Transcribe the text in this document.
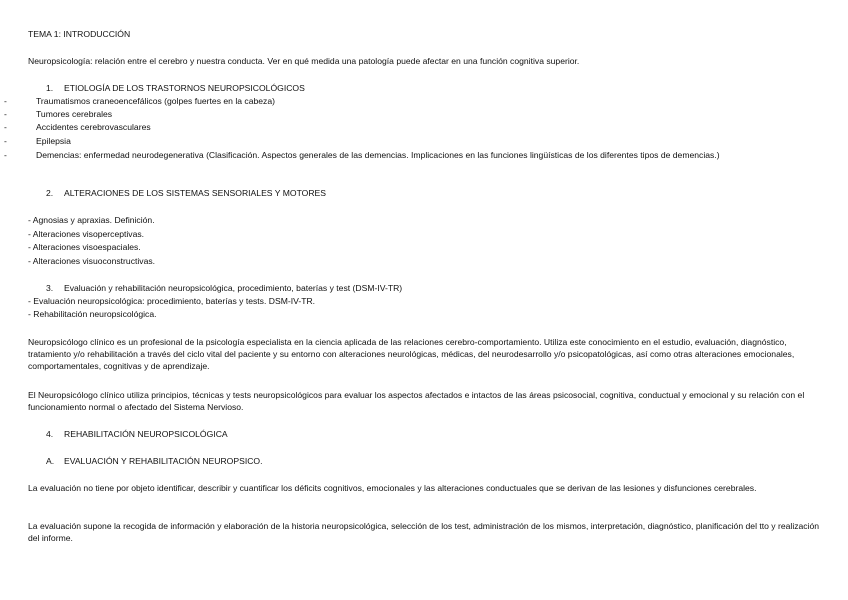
TEMA 1: INTRODUCCIÓN
Neuropsicología: relación entre el cerebro y nuestra conducta. Ver en qué medida una patología puede afectar en una función cognitiva superior.
1. ETIOLOGÍA DE LOS TRASTORNOS NEUROPSICOLÓGICOS
-	Traumatismos craneoencefálicos (golpes fuertes en la cabeza)
-	Tumores cerebrales
-	Accidentes cerebrovasculares
-	Epilepsia
-	Demencias: enfermedad neurodegenerativa (Clasificación. Aspectos generales de las demencias. Implicaciones en las funciones lingüísticas de los diferentes tipos de demencias.)
2. ALTERACIONES DE LOS SISTEMAS SENSORIALES Y MOTORES
- Agnosias y apraxias. Definición.
- Alteraciones visoperceptivas.
- Alteraciones visoespaciales.
- Alteraciones visuoconstructivas.
3. Evaluación y rehabilitación neuropsicológica, procedimiento, baterías y test (DSM-IV-TR)
- Evaluación neuropsicológica: procedimiento, baterías y tests. DSM-IV-TR.
- Rehabilitación neuropsicológica.
Neuropsicólogo clínico es un profesional de la psicología especialista en la ciencia aplicada de las relaciones cerebro-comportamiento. Utiliza este conocimiento en el estudio, evaluación, diagnóstico, tratamiento y/o rehabilitación a través del ciclo vital del paciente y su entorno con alteraciones neurológicas, médicas, del neurodesarrollo y/o psicopatológicas, así como otras alteraciones emocionales, comportamentales, cognitivas y de aprendizaje.
El Neuropsicólogo clínico utiliza principios, técnicas y tests neuropsicológicos para evaluar los aspectos afectados e intactos de las áreas psicosocial, cognitiva, conductual y emocional y su relación con el funcionamiento normal o afectado del Sistema Nervioso.
4. REHABILITACIÓN NEUROPSICOLÓGICA
A. EVALUACIÓN Y REHABILITACIÓN NEUROPSICO.
La evaluación no tiene por objeto identificar, describir y cuantificar los déficits cognitivos, emocionales y las alteraciones conductuales que se derivan de las lesiones y disfunciones cerebrales.
La evaluación supone la recogida de información y elaboración de la historia neuropsicológica, selección de los test, administración de los mismos, interpretación, diagnóstico, planificación del tto y realización del informe.
